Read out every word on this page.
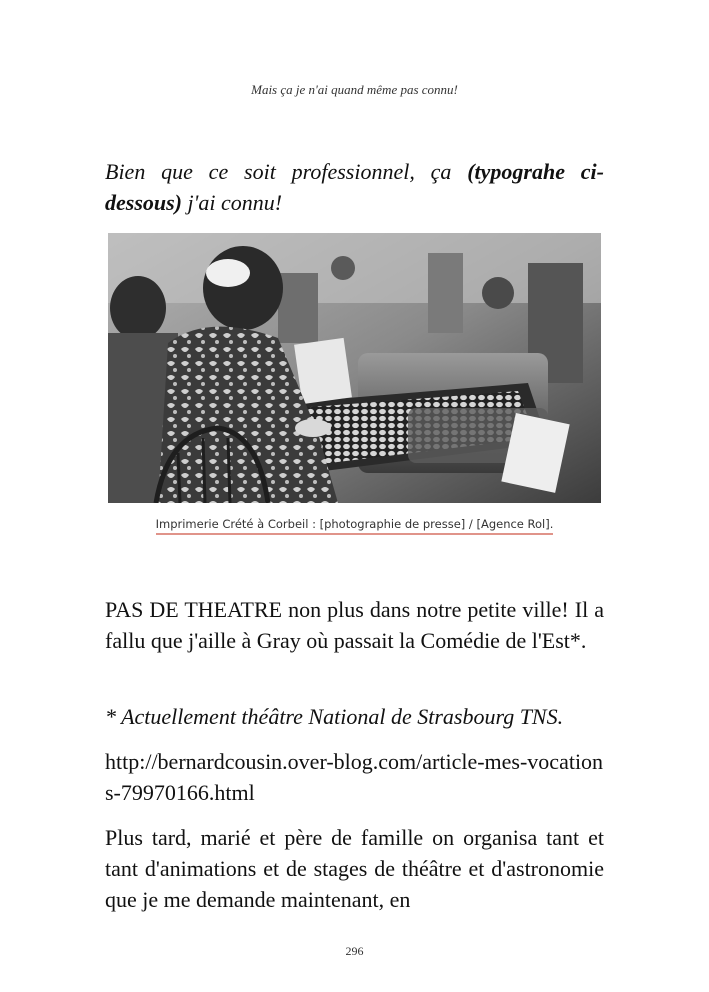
Mais ça je n'ai quand même pas connu!

Bien que ce soit professionnel, ça (typograhe ci-dessous) j'ai connu!

Imprimerie Crété à Corbeil : [photographie de presse] / [Agence Rol].

PAS DE THEATRE non plus dans notre petite ville! Il a fallu que j'aille à Gray où passait la Comédie de l'Est*.

* Actuellement théâtre National de Strasbourg TNS.

http://bernardcousin.over-blog.com/article-mes-vocations-79970166.html

Plus tard, marié et père de famille on organisa tant et tant d'animations et de stages de théâtre et d'astronomie que je me demande maintenant, en

296
